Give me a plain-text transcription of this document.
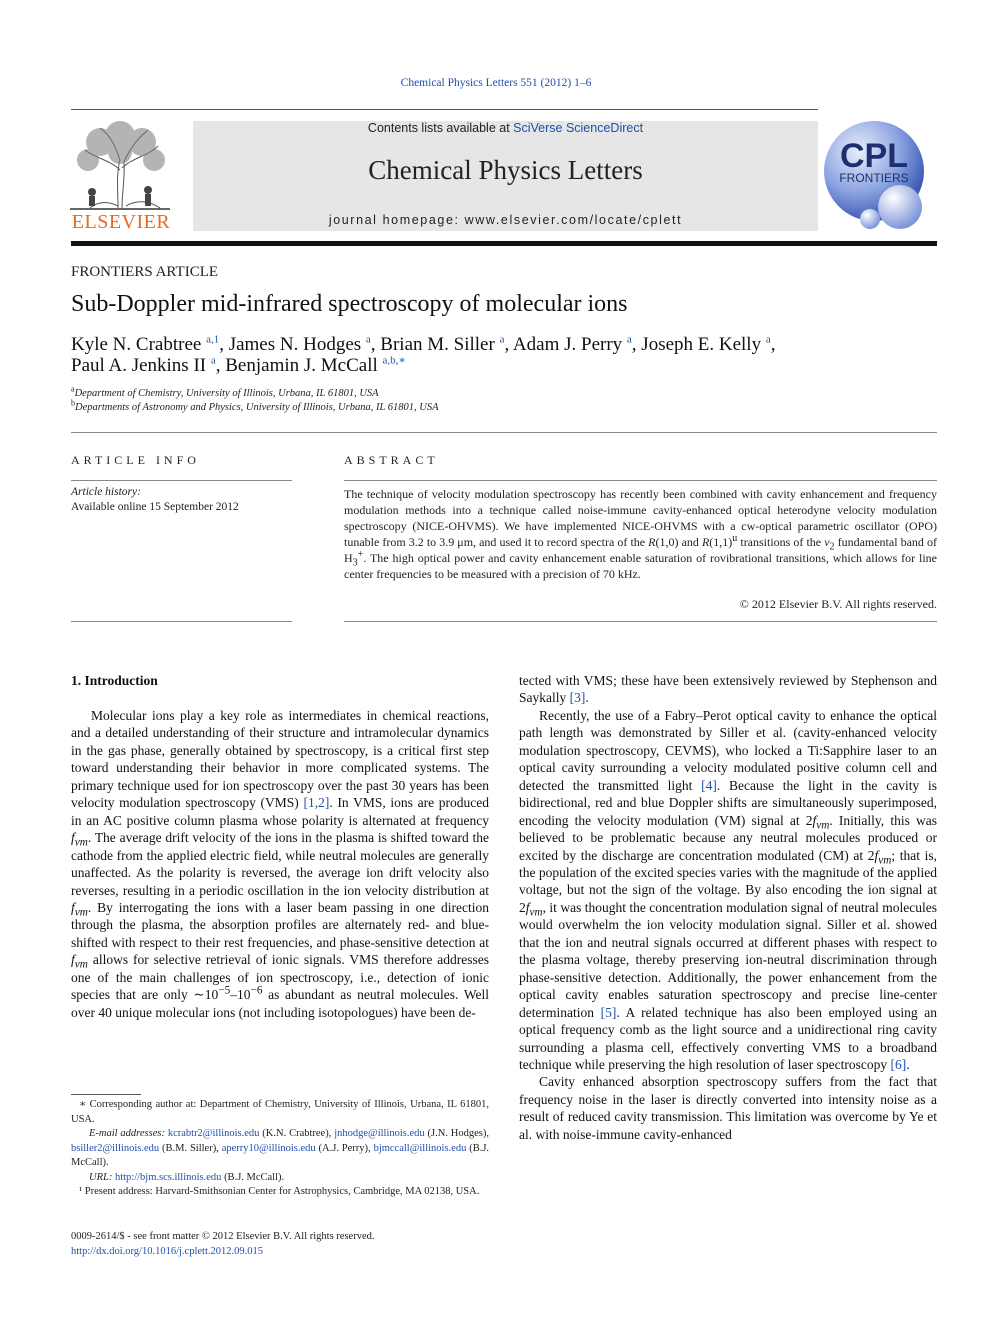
Chemical Physics Letters 551 (2012) 1–6
ELSEVIER
Contents lists available at SciVerse ScienceDirect
Chemical Physics Letters
journal homepage: www.elsevier.com/locate/cplett
CPL
FRONTIERS
FRONTIERS ARTICLE
Sub-Doppler mid-infrared spectroscopy of molecular ions
Kyle N. Crabtree $^{a,1}$, James N. Hodges $^a$, Brian M. Siller $^a$, Adam J. Perry $^a$, Joseph E. Kelly $^a$,
Paul A. Jenkins II $^a$, Benjamin J. McCall $^{a,b,∗}$
$^a$Department of Chemistry, University of Illinois, Urbana, IL 61801, USA
$^b$Departments of Astronomy and Physics, University of Illinois, Urbana, IL 61801, USA
ARTICLE INFO
Article history:
Available online 15 September 2012
ABSTRACT
The technique of velocity modulation spectroscopy has recently been combined with cavity enhancement and frequency modulation methods into a technique called noise-immune cavity-enhanced optical heterodyne velocity modulation spectroscopy (NICE-OHVMS). We have implemented NICE-OHVMS with a cw-optical parametric oscillator (OPO) tunable from 3.2 to 3.9 μm, and used it to record spectra of the R(1,0) and $R(1,1)^u$ transitions of the $\nu_2$ fundamental band of $H_3^+$. The high optical power and cavity enhancement enable saturation of rovibrational transitions, which allows for line center frequencies to be measured with a precision of 70 kHz.
© 2012 Elsevier B.V. All rights reserved.
1. Introduction

Molecular ions play a key role as intermediates in chemical reactions, and a detailed understanding of their structure and intramolecular dynamics in the gas phase, generally obtained by spectroscopy, is a critical first step toward understanding their behavior in more complicated systems. The primary technique used for ion spectroscopy over the past 30 years has been velocity modulation spectroscopy (VMS) [1,2]. In VMS, ions are produced in an AC positive column plasma whose polarity is alternated at frequency $f_{vm}$. The average drift velocity of the ions in the plasma is shifted toward the cathode from the applied electric field, while neutral molecules are generally unaffected. As the polarity is reversed, the average ion drift velocity also reverses, resulting in a periodic oscillation in the ion velocity distribution at $f_{vm}$. By interrogating the ions with a laser beam passing in one direction through the plasma, the absorption profiles are alternately red- and blue-shifted with respect to their rest frequencies, and phase-sensitive detection at $f_{vm}$ allows for selective retrieval of ionic signals. VMS therefore addresses one of the main challenges of ion spectroscopy, i.e., detection of ionic species that are only $\sim 10^{-5}-10^{-6}$ as abundant as neutral molecules. Well over 40 unique molecular ions (not including isotopologues) have been de-

∗ Corresponding author at: Department of Chemistry, University of Illinois, Urbana, IL 61801, USA.

E-mail addresses: kcrabtr2@illinois.edu (K.N. Crabtree), jnhodge@illinois.edu (J.N. Hodges), bsiller2@illinois.edu (B.M. Siller), aperry10@illinois.edu (A.J. Perry), bjmccall@illinois.edu (B.J. McCall).

URL: http://bjm.scs.illinois.edu (B.J. McCall).

¹ Present address: Harvard-Smithsonian Center for Astrophysics, Cambridge, MA 02138, USA.

0009-2614/$ - see front matter © 2012 Elsevier B.V. All rights reserved.
http://dx.doi.org/10.1016/j.cplett.2012.09.015

tected with VMS; these have been extensively reviewed by Stephenson and Saykally [3].

Recently, the use of a Fabry–Perot optical cavity to enhance the optical path length was demonstrated by Siller et al. (cavity-enhanced velocity modulation spectroscopy, CEVMS), who locked a Ti:Sapphire laser to an optical cavity surrounding a velocity modulated positive column cell and detected the transmitted light [4]. Because the light in the cavity is bidirectional, red and blue Doppler shifts are simultaneously superimposed, encoding the velocity modulation (VM) signal at $2f_{vm}$. Initially, this was believed to be problematic because any neutral molecules produced or excited by the discharge are concentration modulated (CM) at $2f_{vm}$; that is, the population of the excited species varies with the magnitude of the applied voltage, but not the sign of the voltage. By also encoding the ion signal at $2f_{vm}$, it was thought the concentration modulation signal of neutral molecules would overwhelm the ion velocity modulation signal. Siller et al. showed that the ion and neutral signals occurred at different phases with respect to the plasma voltage, thereby preserving ion-neutral discrimination through phase-sensitive detection. Additionally, the power enhancement from the optical cavity enables saturation spectroscopy and precise line-center determination [5]. A related technique has also been employed using an optical frequency comb as the light source and a unidirectional ring cavity surrounding a plasma cell, effectively converting VMS to a broadband technique while preserving the high resolution of laser spectroscopy [6].

Cavity enhanced absorption spectroscopy suffers from the fact that frequency noise in the laser is directly converted into intensity noise as a result of reduced cavity transmission. This limitation was overcome by Ye et al. with noise-immune cavity-enhanced
